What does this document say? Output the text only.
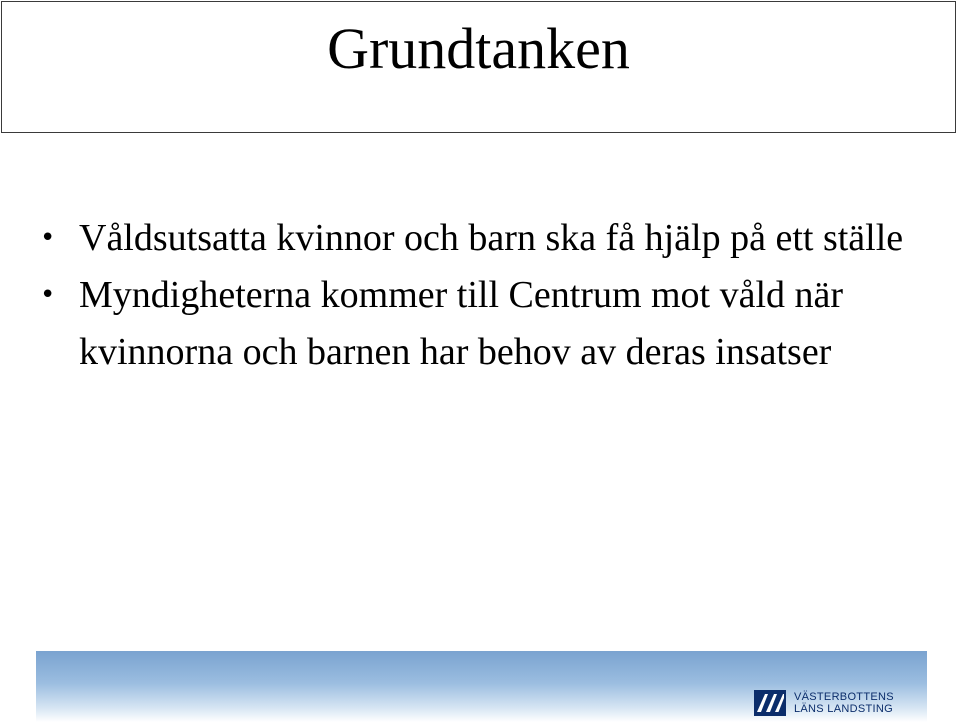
Grundtanken
• Våldsutsatta kvinnor och barn ska få hjälp på ett ställe
• Myndigheterna kommer till Centrum mot våld när kvinnorna och barnen har behov av deras insatser
VÄSTERBOTTENS
LÄNS LANDSTING
